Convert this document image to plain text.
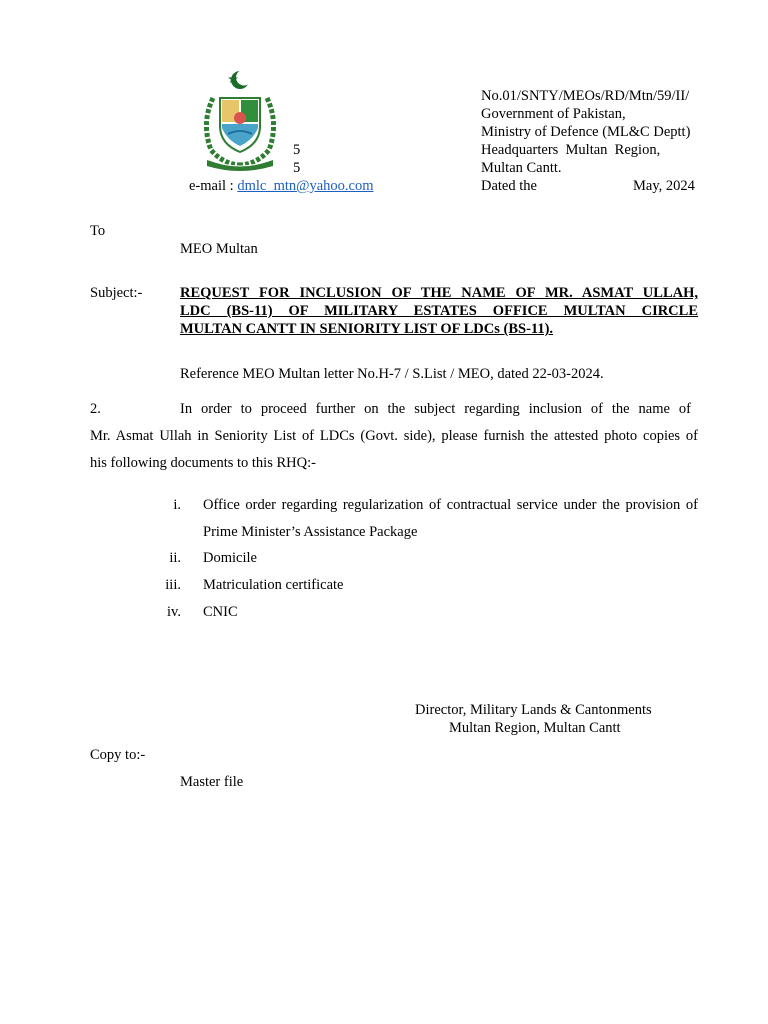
5
5
e-mail : dmlc_mtn@yahoo.com
No.01/SNTY/MEOs/RD/Mtn/59/II/
Government of Pakistan,
Ministry of Defence (ML&C Deptt)
Headquarters  Multan  Region,
Multan Cantt.
Dated the	May, 2024
To
MEO Multan
Subject:-	REQUEST FOR INCLUSION OF THE NAME OF MR. ASMAT ULLAH,
LDC (BS-11) OF MILITARY ESTATES OFFICE MULTAN CIRCLE
MULTAN CANTT IN SENIORITY LIST OF LDCs (BS-11).
Reference MEO Multan letter No.H-7 / S.List / MEO, dated 22-03-2024.
2.	In order to proceed further on the subject regarding inclusion of the name of
Mr. Asmat Ullah in Seniority List of LDCs (Govt. side), please furnish the attested photo copies of
his following documents to this RHQ:-
i. Office order regarding regularization of contractual service under the provision of
Prime Minister’s Assistance Package
ii. Domicile
iii. Matriculation certificate
iv. CNIC
Director, Military Lands & Cantonments
Multan Region, Multan Cantt
Copy to:-
Master file
